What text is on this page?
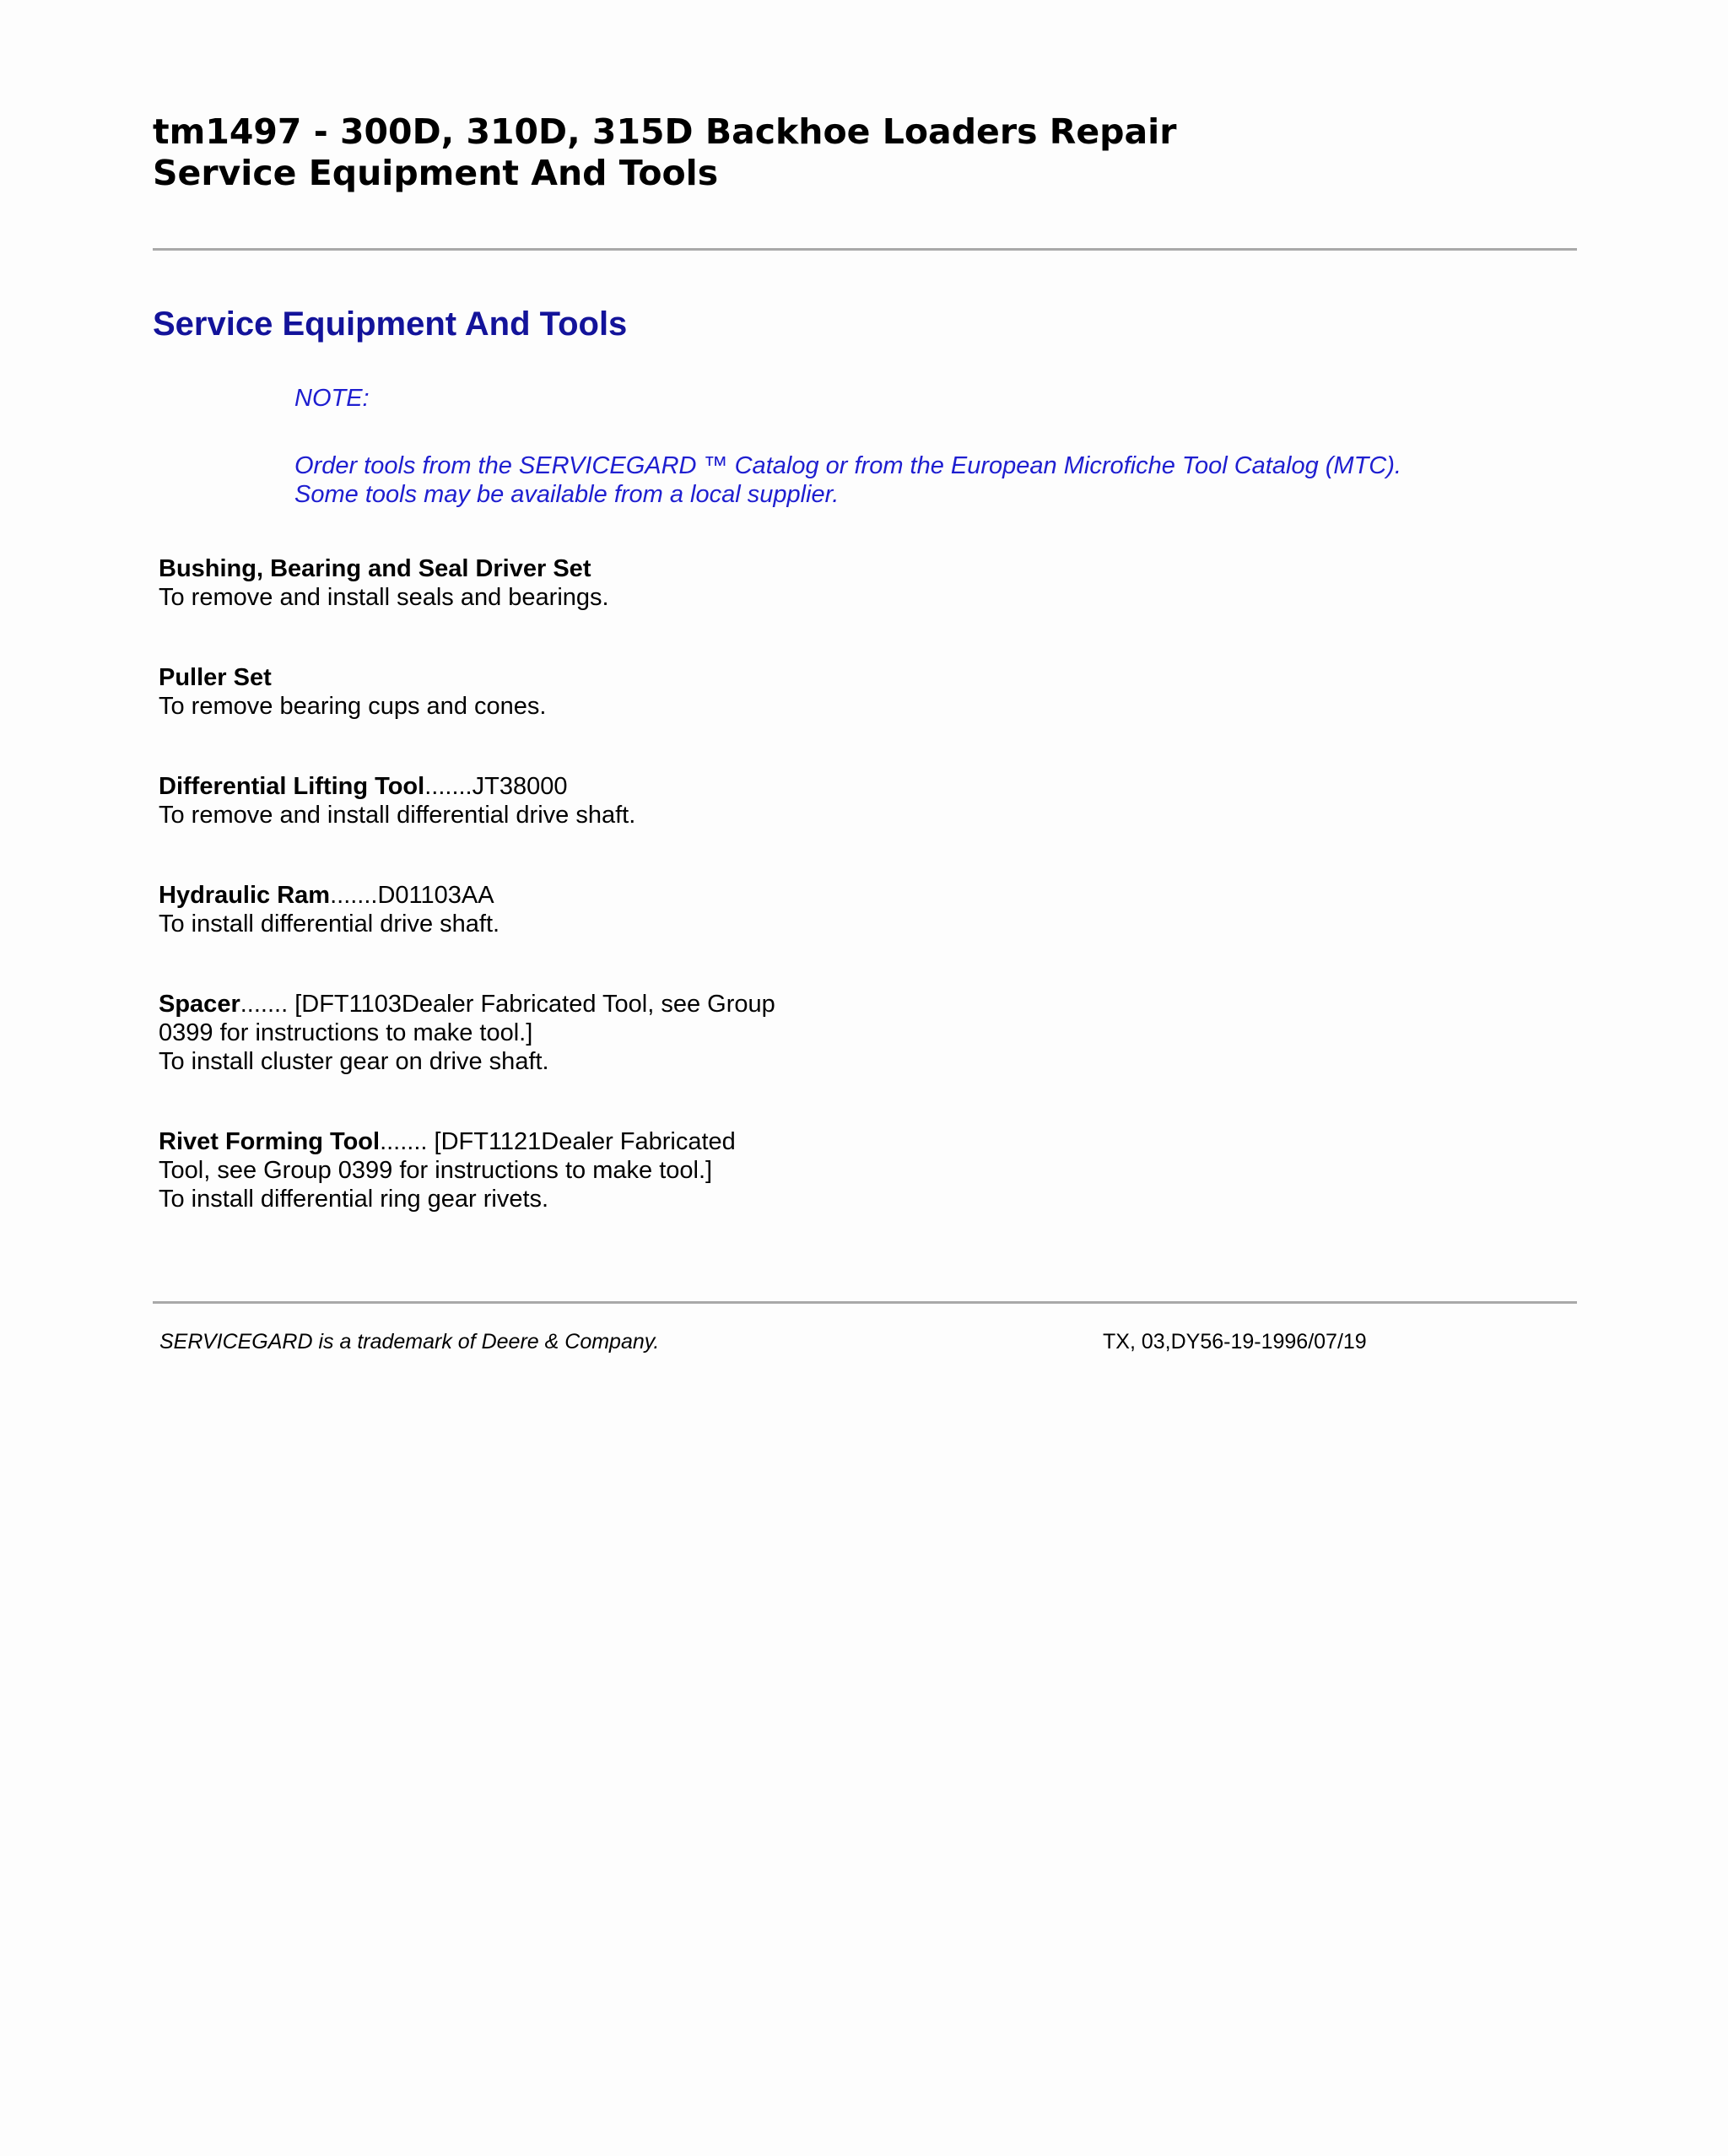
tm1497 - 300D, 310D, 315D Backhoe Loaders Repair
Service Equipment And Tools
Service Equipment And Tools
NOTE:
Order tools from the SERVICEGARD ™ Catalog or from the European Microfiche Tool Catalog (MTC).
Some tools may be available from a local supplier.
Bushing, Bearing and Seal Driver Set
To remove and install seals and bearings.
Puller Set
To remove bearing cups and cones.
Differential Lifting Tool.......JT38000
To remove and install differential drive shaft.
Hydraulic Ram.......D01103AA
To install differential drive shaft.
Spacer....... [DFT1103Dealer Fabricated Tool, see Group
0399 for instructions to make tool.]
To install cluster gear on drive shaft.
Rivet Forming Tool....... [DFT1121Dealer Fabricated
Tool, see Group 0399 for instructions to make tool.]
To install differential ring gear rivets.
SERVICEGARD is a trademark of Deere & Company.	TX, 03,DY56-19-1996/07/19
